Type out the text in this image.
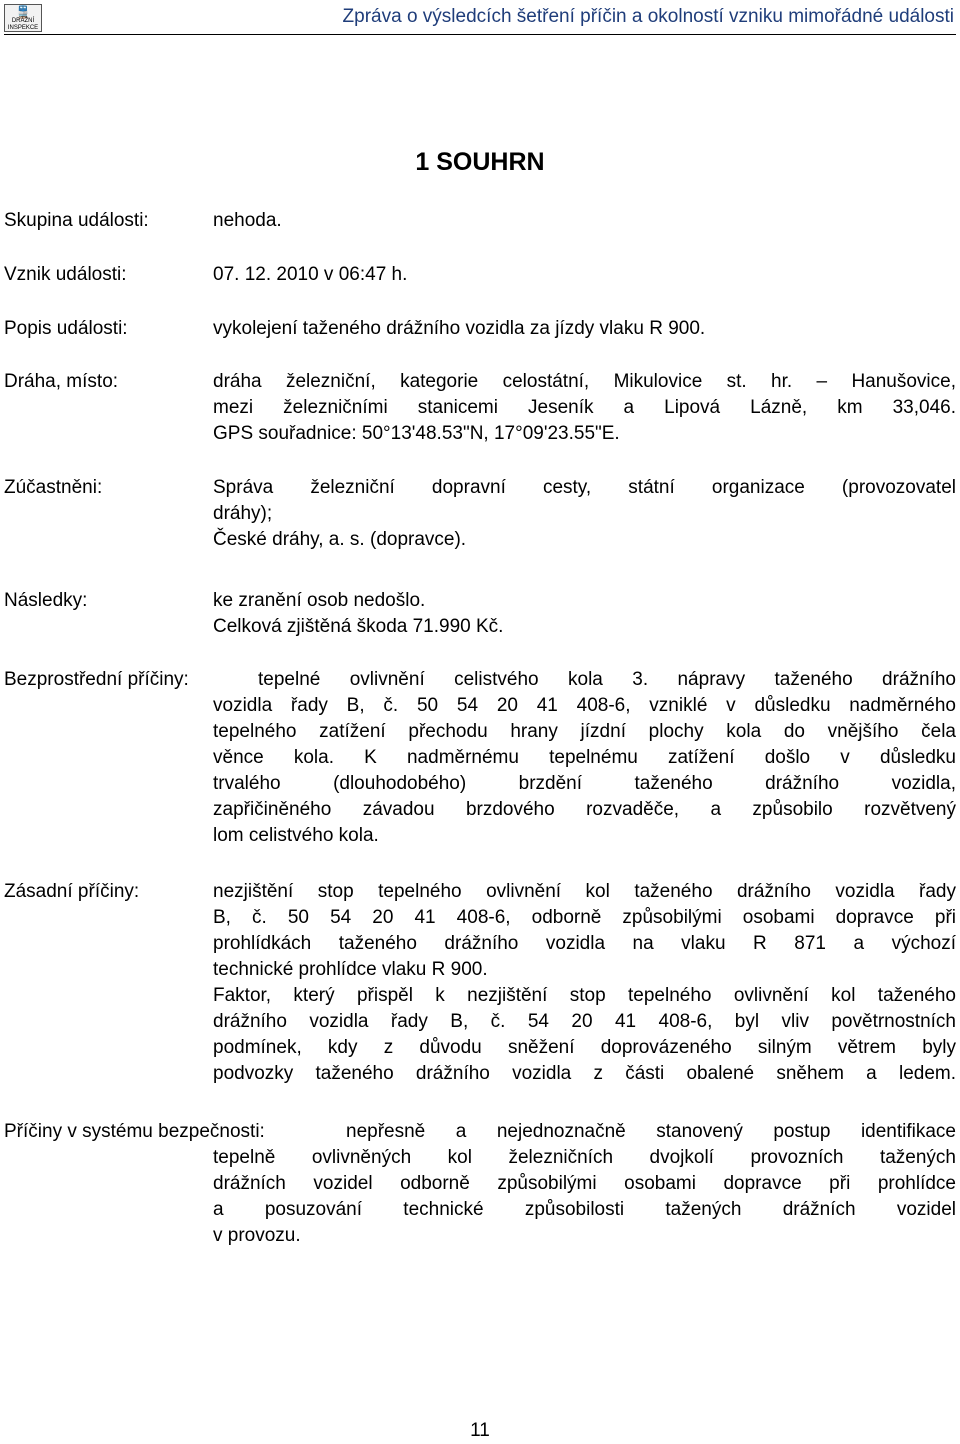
🚆
DRÁŽNÍ INSPEKCE
Zpráva o výsledcích šetření příčin a okolností vzniku mimořádné události
1 SOUHRN
Skupina události:	nehoda.
Vznik události:	07. 12. 2010 v 06:47 h.
Popis události:	vykolejení taženého drážního vozidla za jízdy vlaku R 900.
Dráha, místo:	dráha železniční, kategorie celostátní, Mikulovice st. hr. – Hanušovice,
mezi železničními stanicemi Jeseník a Lipová Lázně, km 33,046.
GPS souřadnice: 50°13'48.53"N, 17°09'23.55"E.
Zúčastněni:	Správa železniční dopravní cesty, státní organizace (provozovatel
dráhy);
České dráhy, a. s. (dopravce).
Následky:	ke zranění osob nedošlo.
Celková zjištěná škoda 71.990 Kč.
Bezprostřední příčiny:	tepelné ovlivnění celistvého kola 3. nápravy taženého drážního
vozidla řady B, č. 50 54 20 41 408-6, vzniklé v důsledku nadměrného
tepelného zatížení přechodu hrany jízdní plochy kola do vnějšího čela
věnce kola. K nadměrnému tepelnému zatížení došlo v důsledku
trvalého (dlouhodobého) brzdění taženého drážního vozidla,
zapřičiněného závadou brzdového rozvaděče, a způsobilo rozvětvený
lom celistvého kola.
Zásadní příčiny:	nezjištění stop tepelného ovlivnění kol taženého drážního vozidla řady
B, č. 50 54 20 41 408-6, odborně způsobilými osobami dopravce při
prohlídkách taženého drážního vozidla na vlaku R 871 a výchozí
technické prohlídce vlaku R 900.
Faktor, který přispěl k nezjištění stop tepelného ovlivnění kol taženého
drážního vozidla řady B, č. 54 20 41 408-6, byl vliv povětrnostních
podmínek, kdy z důvodu sněžení doprovázeného silným větrem byly
podvozky taženého drážního vozidla z části obalené sněhem a ledem.
Příčiny v systému bezpečnosti:	nepřesně a nejednoznačně stanovený postup identifikace
tepelně ovlivněných kol železničních dvojkolí provozních tažených
drážních vozidel odborně způsobilými osobami dopravce při prohlídce
a posuzování technické způsobilosti tažených drážních vozidel
v provozu.
11
